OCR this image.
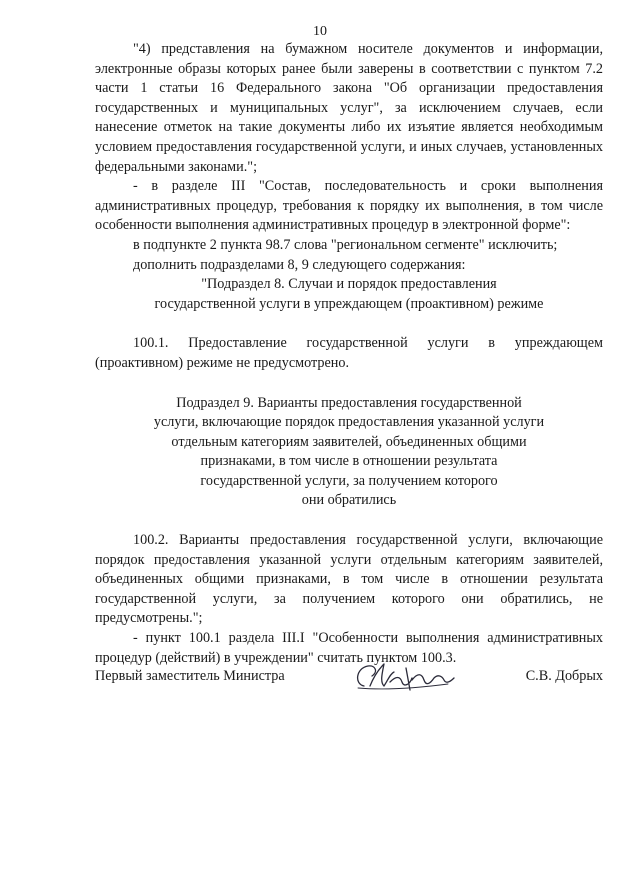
10

"4) представления на бумажном носителе документов и информации, электронные образы которых ранее были заверены в соответствии с пунктом 7.2 части 1 статьи 16 Федерального закона "Об организации предоставления государственных и муниципальных услуг", за исключением случаев, если нанесение отметок на такие документы либо их изъятие является необходимым условием предоставления государственной услуги, и иных случаев, установленных федеральными законами.";

- в разделе III "Состав, последовательность и сроки выполнения административных процедур, требования к порядку их выполнения, в том числе особенности выполнения административных процедур в электронной форме":

в подпункте 2 пункта 98.7 слова "региональном сегменте" исключить;

дополнить подразделами 8, 9 следующего содержания:

"Подраздел 8. Случаи и порядок предоставления

государственной услуги в упреждающем (проактивном) режиме

100.1. Предоставление государственной услуги в упреждающем (проактивном) режиме не предусмотрено.

Подраздел 9. Варианты предоставления государственной

услуги, включающие порядок предоставления указанной услуги

отдельным категориям заявителей, объединенных общими

признаками, в том числе в отношении результата

государственной услуги, за получением которого

они обратились

100.2. Варианты предоставления государственной услуги, включающие порядок предоставления указанной услуги отдельным категориям заявителей, объединенных общими признаками, в том числе в отношении результата государственной услуги, за получением которого они обратились, не предусмотрены.";

- пункт 100.1 раздела III.I "Особенности выполнения административных процедур (действий) в учреждении" считать пунктом 100.3.

Первый заместитель Министра	С.В. Добрых
